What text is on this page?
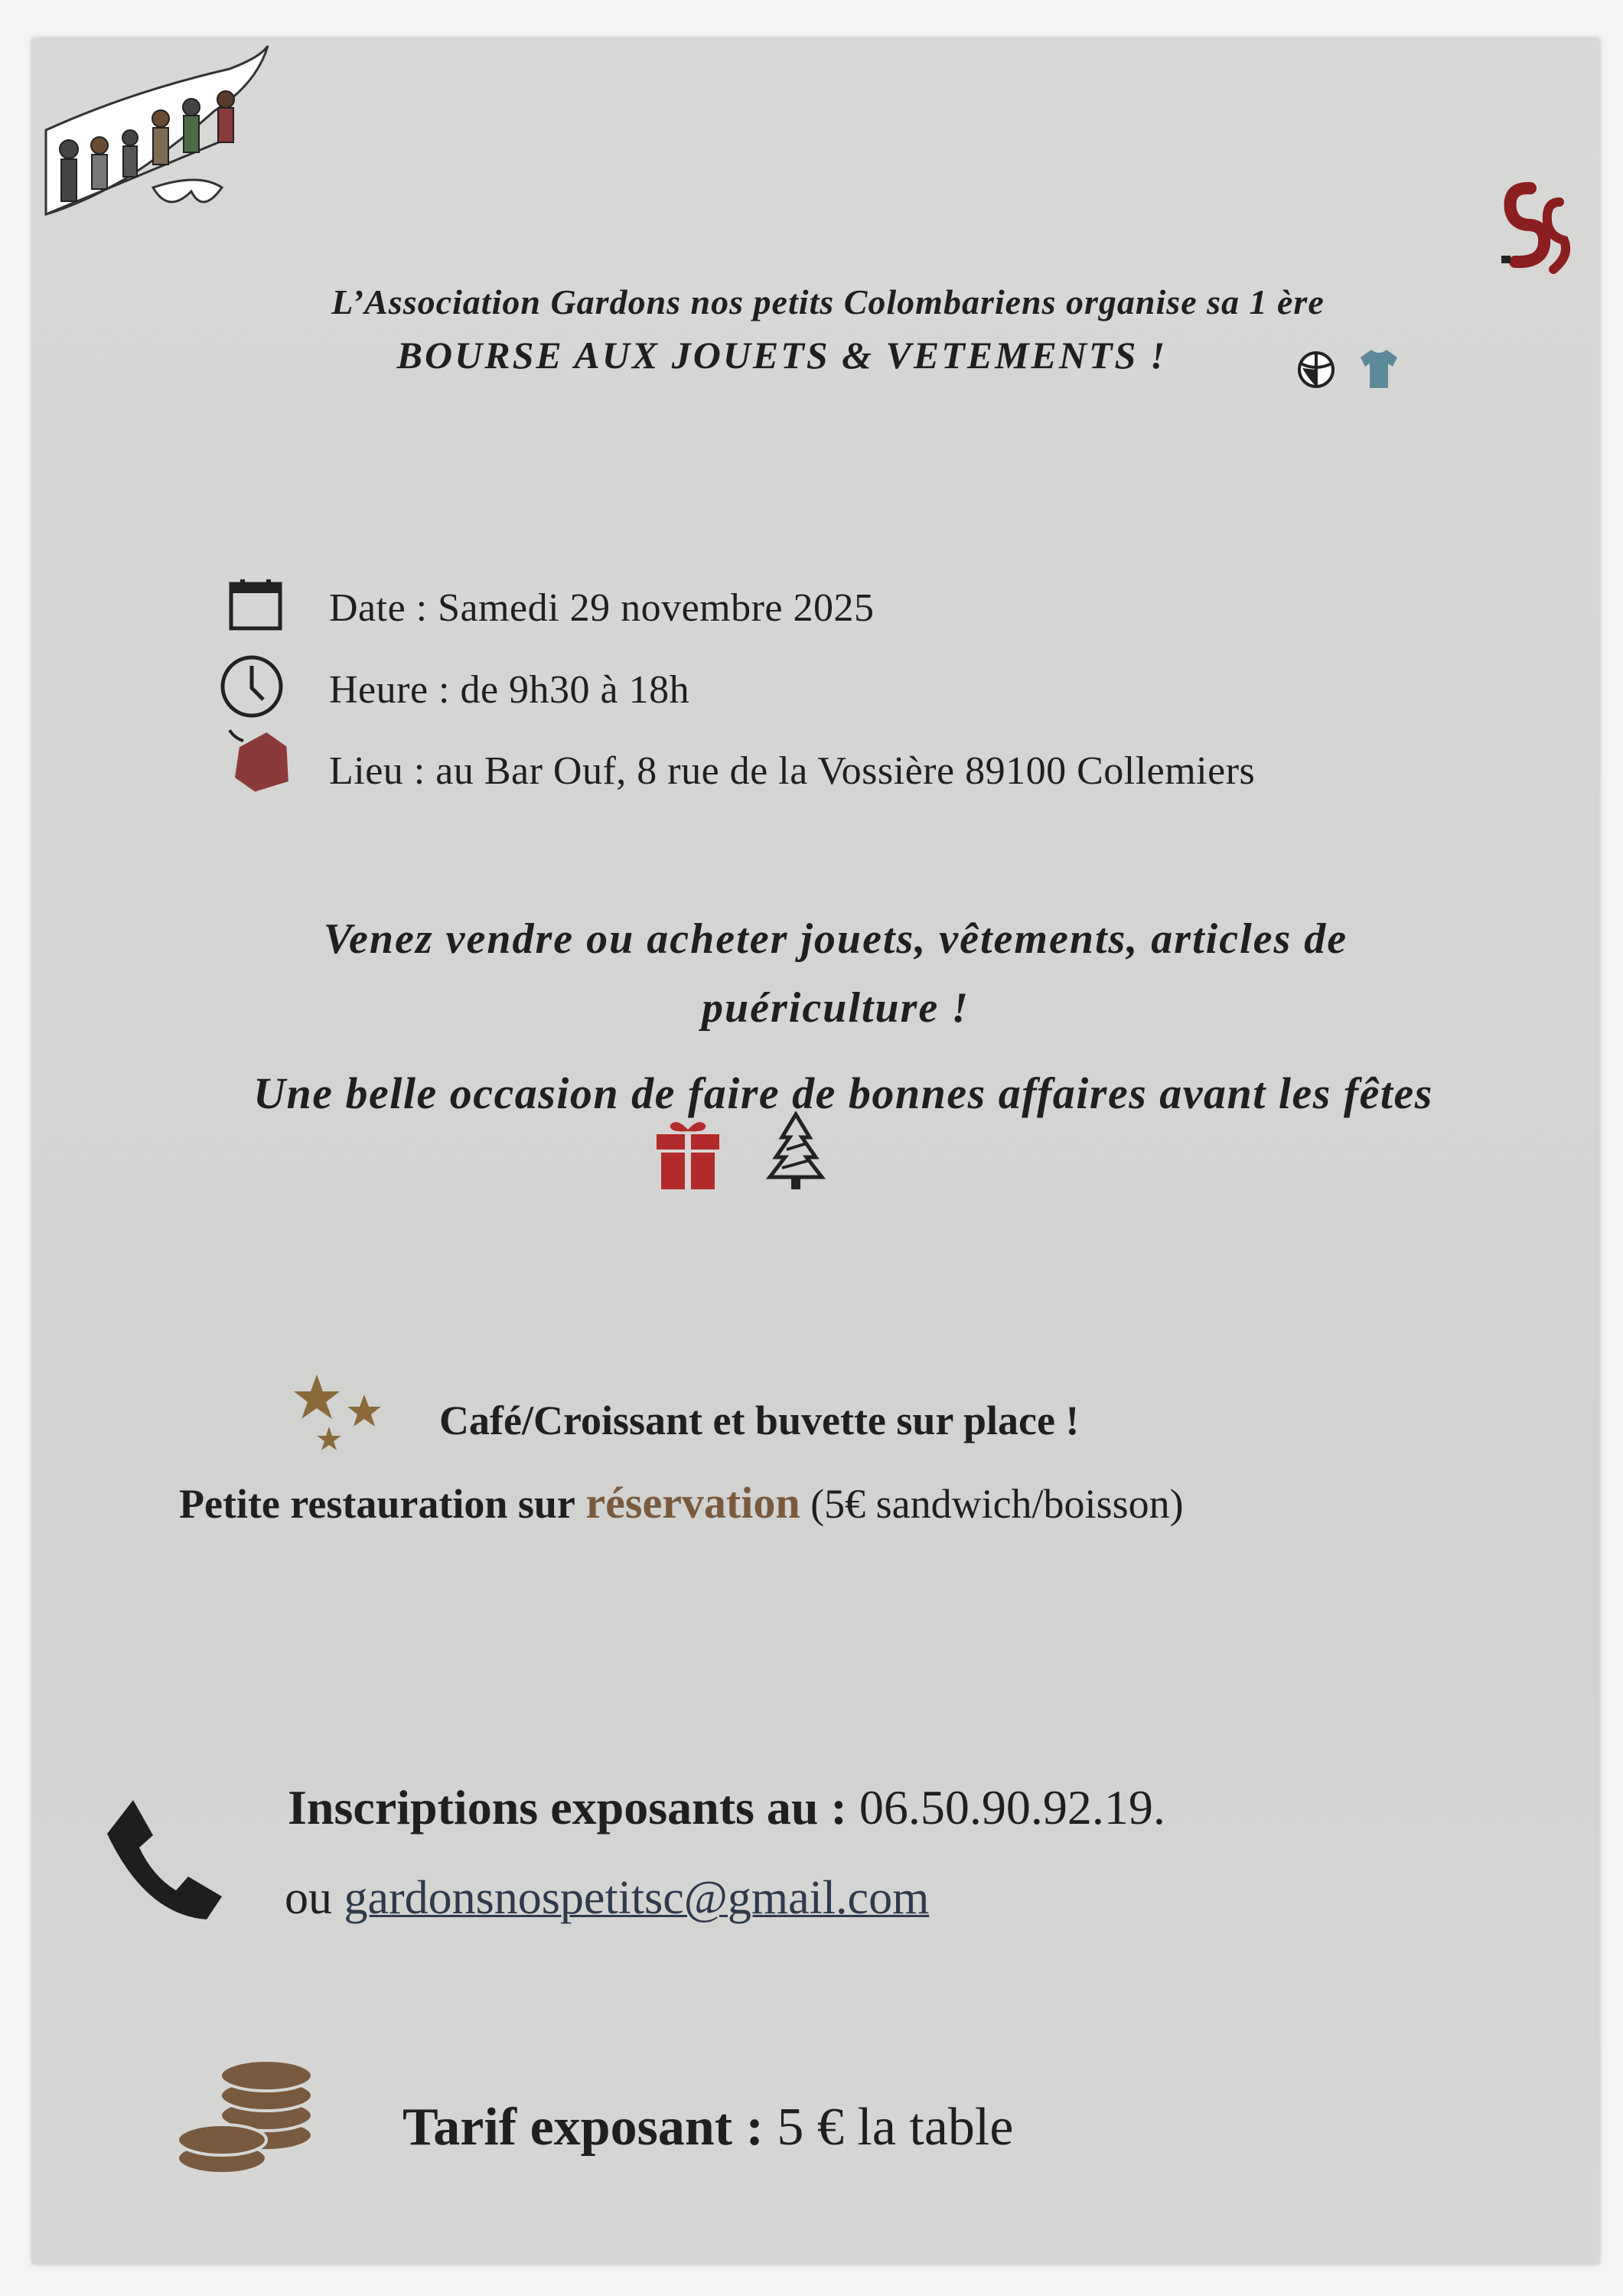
L’Association Gardons nos petits Colombariens organise sa 1 ère
BOURSE AUX JOUETS & VETEMENTS !
Date : Samedi 29 novembre 2025
Heure : de 9h30 à 18h
Lieu : au Bar Ouf, 8 rue de la Vossière 89100 Collemiers
Venez vendre ou acheter jouets, vêtements, articles de
puériculture !
Une belle occasion de faire de bonnes affaires avant les fêtes
Café/Croissant et buvette sur place !
Petite restauration sur réservation (5€ sandwich/boisson)
Inscriptions exposants au : 06.50.90.92.19.
ou gardonsnospetitsc@gmail.com
Tarif exposant : 5 € la table
